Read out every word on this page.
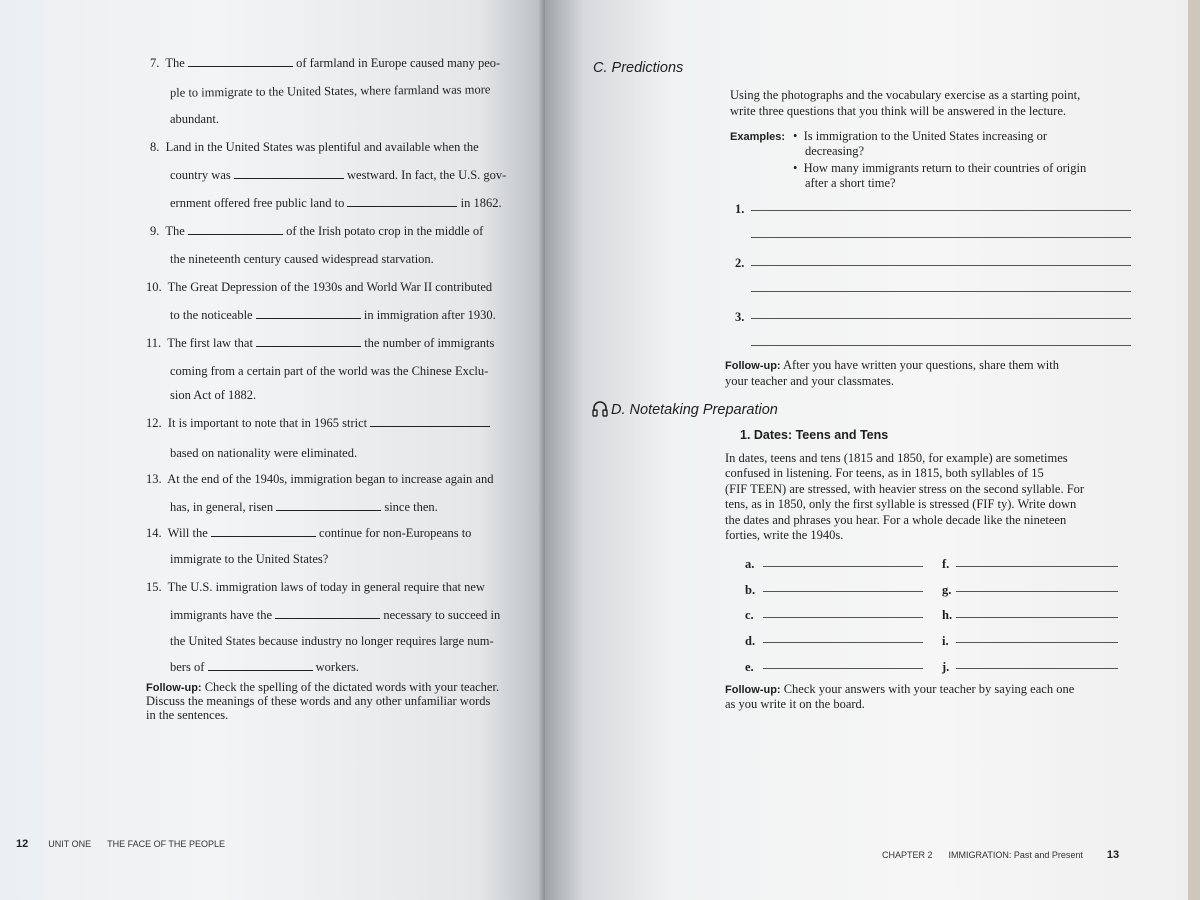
7. The	of farmland in Europe caused many peo-
ple to immigrate to the United States, where farmland was more
abundant.
8. Land in the United States was plentiful and available when the
country was	westward. In fact, the U.S. gov-
ernment offered free public land to	in 1862.
9. The	of the Irish potato crop in the middle of
the nineteenth century caused widespread starvation.
10. The Great Depression of the 1930s and World War II contributed
to the noticeable	in immigration after 1930.
11. The first law that	the number of immigrants
coming from a certain part of the world was the Chinese Exclu-
sion Act of 1882.
12. It is important to note that in 1965 strict
based on nationality were eliminated.
13. At the end of the 1940s, immigration began to increase again and
has, in general, risen	since then.
14. Will the	continue for non-Europeans to
immigrate to the United States?
15. The U.S. immigration laws of today in general require that new
immigrants have the	necessary to succeed in
the United States because industry no longer requires large num-
bers of	workers.
Follow-up: Check the spelling of the dictated words with your teacher.
Discuss the meanings of these words and any other unfamiliar words
in the sentences.
12 UNIT ONE THE FACE OF THE PEOPLE
C. Predictions
Using the photographs and the vocabulary exercise as a starting point,
write three questions that you think will be answered in the lecture.
Examples: • Is immigration to the United States increasing or
decreasing?
• How many immigrants return to their countries of origin
after a short time?
1.
2.
3.
Follow-up: After you have written your questions, share them with
your teacher and your classmates.
D. Notetaking Preparation
1. Dates: Teens and Tens
In dates, teens and tens (1815 and 1850, for example) are sometimes
confused in listening. For teens, as in 1815, both syllables of 15
(FIF TEEN) are stressed, with heavier stress on the second syllable. For
tens, as in 1850, only the first syllable is stressed (FIF ty). Write down
the dates and phrases you hear. For a whole decade like the nineteen
forties, write the 1940s.
a.	f.
b.	g.
c.	h.
d.	i.
e.	j.
Follow-up: Check your answers with your teacher by saying each one
as you write it on the board.
CHAPTER 2 IMMIGRATION: Past and Present 13
